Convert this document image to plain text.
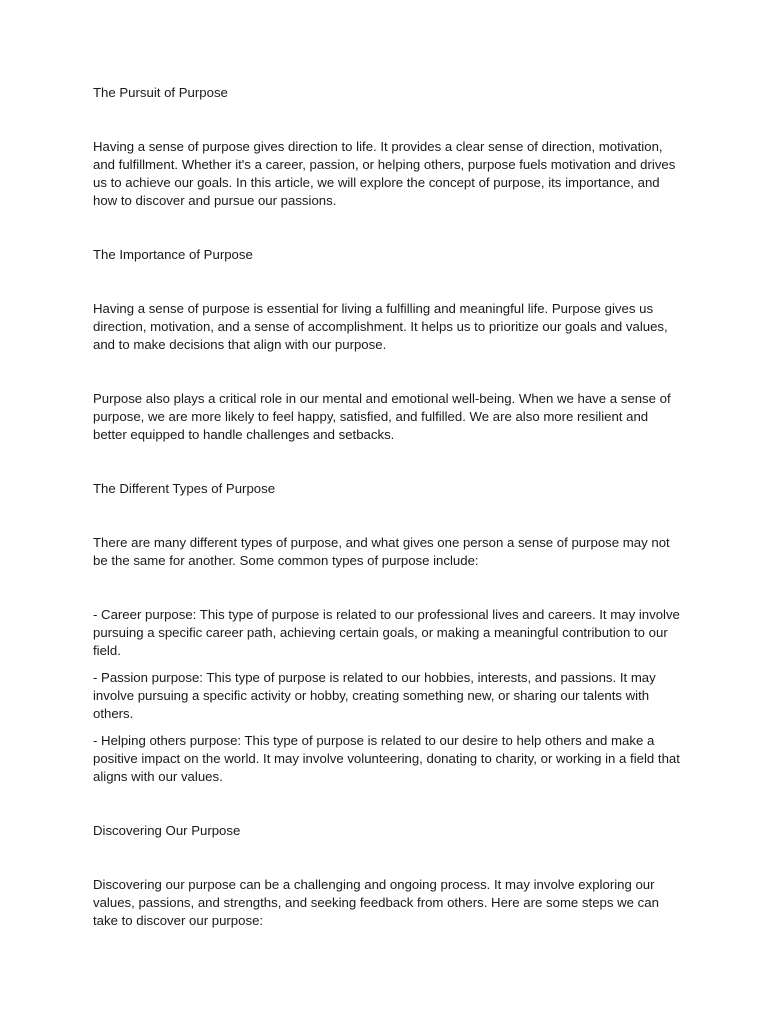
The Pursuit of Purpose

Having a sense of purpose gives direction to life. It provides a clear sense of direction, motivation, and fulfillment. Whether it's a career, passion, or helping others, purpose fuels motivation and drives us to achieve our goals. In this article, we will explore the concept of purpose, its importance, and how to discover and pursue our passions.

The Importance of Purpose

Having a sense of purpose is essential for living a fulfilling and meaningful life. Purpose gives us direction, motivation, and a sense of accomplishment. It helps us to prioritize our goals and values, and to make decisions that align with our purpose.

Purpose also plays a critical role in our mental and emotional well-being. When we have a sense of purpose, we are more likely to feel happy, satisfied, and fulfilled. We are also more resilient and better equipped to handle challenges and setbacks.

The Different Types of Purpose

There are many different types of purpose, and what gives one person a sense of purpose may not be the same for another. Some common types of purpose include:

- Career purpose: This type of purpose is related to our professional lives and careers. It may involve pursuing a specific career path, achieving certain goals, or making a meaningful contribution to our field.

- Passion purpose: This type of purpose is related to our hobbies, interests, and passions. It may involve pursuing a specific activity or hobby, creating something new, or sharing our talents with others.

- Helping others purpose: This type of purpose is related to our desire to help others and make a positive impact on the world. It may involve volunteering, donating to charity, or working in a field that aligns with our values.

Discovering Our Purpose

Discovering our purpose can be a challenging and ongoing process. It may involve exploring our values, passions, and strengths, and seeking feedback from others. Here are some steps we can take to discover our purpose:
